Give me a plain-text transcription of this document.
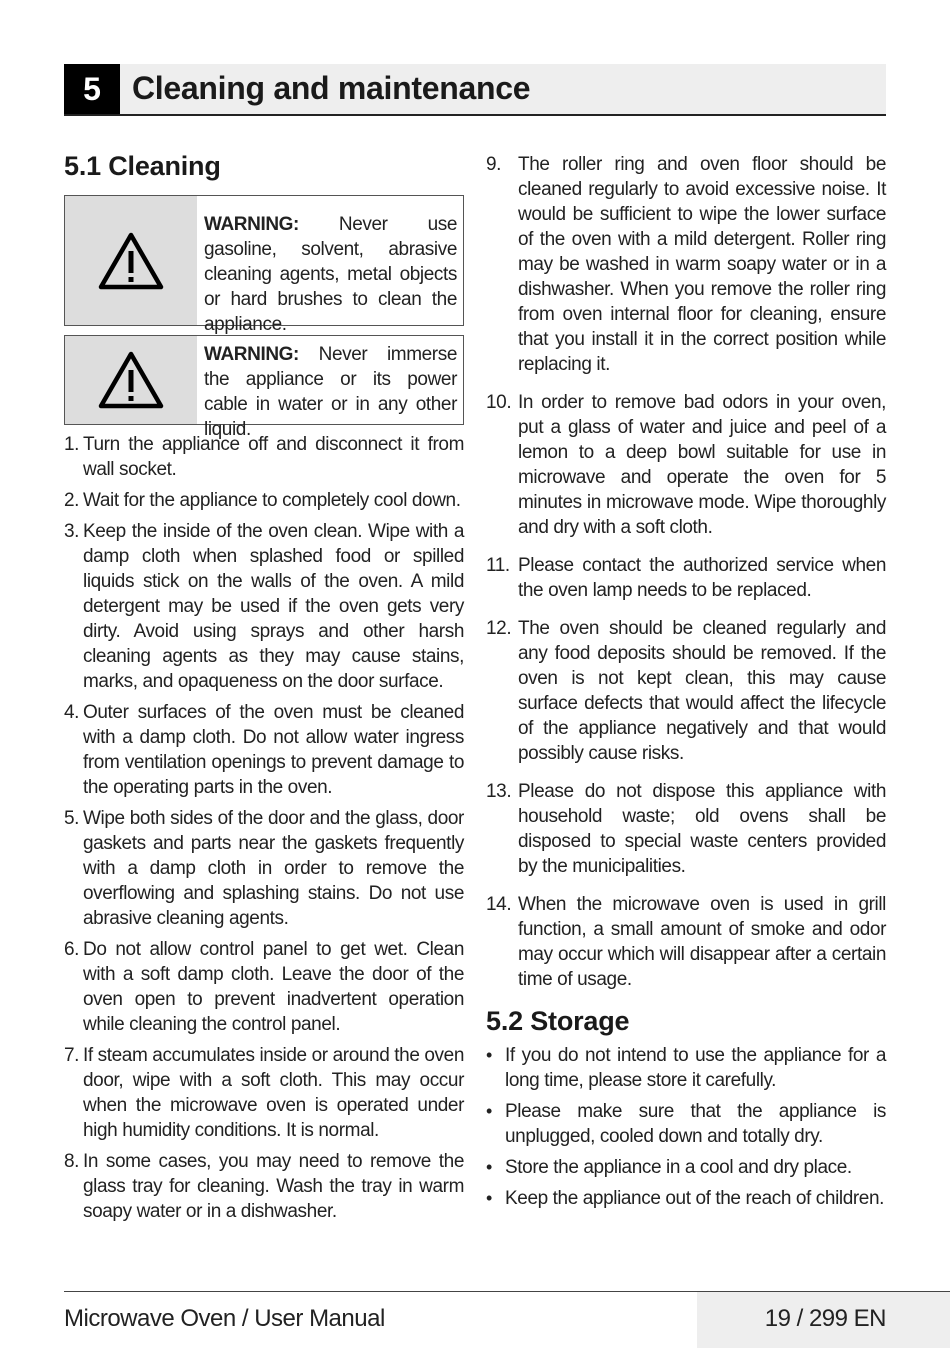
5 Cleaning and maintenance
5.1 Cleaning
WARNING: Never use gasoline, solvent, abrasive cleaning agents, metal objects or hard brushes to clean the appliance.
WARNING: Never immerse the appliance or its power cable in water or in any other liquid.
1. Turn the appliance off and disconnect it from wall socket.
2. Wait for the appliance to completely cool down.
3. Keep the inside of the oven clean. Wipe with a damp cloth when splashed food or spilled liquids stick on the walls of the oven. A mild detergent may be used if the oven gets very dirty. Avoid using sprays and other harsh cleaning agents as they may cause stains, marks, and opaqueness on the door surface.
4. Outer surfaces of the oven must be cleaned with a damp cloth. Do not allow water ingress from ventilation openings to prevent damage to the operating parts in the oven.
5. Wipe both sides of the door and the glass, door gaskets and parts near the gaskets frequently with a damp cloth in order to remove the overflowing and splashing stains. Do not use abrasive cleaning agents.
6. Do not allow control panel to get wet. Clean with a soft damp cloth. Leave the door of the oven open to prevent inadvertent operation while cleaning the control panel.
7. If steam accumulates inside or around the oven door, wipe with a soft cloth. This may occur when the microwave oven is operated under high humidity conditions. It is normal.
8. In some cases, you may need to remove the glass tray for cleaning. Wash the tray in warm soapy water or in a dishwasher.
9. The roller ring and oven floor should be cleaned regularly to avoid excessive noise. It would be sufficient to wipe the lower surface of the oven with a mild detergent. Roller ring may be washed in warm soapy water or in a dishwasher. When you remove the roller ring from oven internal floor for cleaning, ensure that you install it in the correct position while replacing it.
10. In order to remove bad odors in your oven, put a glass of water and juice and peel of a lemon to a deep bowl suitable for use in microwave and operate the oven for 5 minutes in microwave mode. Wipe thoroughly and dry with a soft cloth.
11. Please contact the authorized service when the oven lamp needs to be replaced.
12. The oven should be cleaned regularly and any food deposits should be removed. If the oven is not kept clean, this may cause surface defects that would affect the lifecycle of the appliance negatively and that would possibly cause risks.
13. Please do not dispose this appliance with household waste; old ovens shall be disposed to special waste centers provided by the municipalities.
14. When the microwave oven is used in grill function, a small amount of smoke and odor may occur which will disappear after a certain time of usage.
5.2 Storage
• If you do not intend to use the appliance for a long time, please store it carefully.
• Please make sure that the appliance is unplugged, cooled down and totally dry.
• Store the appliance in a cool and dry place.
• Keep the appliance out of the reach of children.
Microwave Oven / User Manual	19 / 299 EN
